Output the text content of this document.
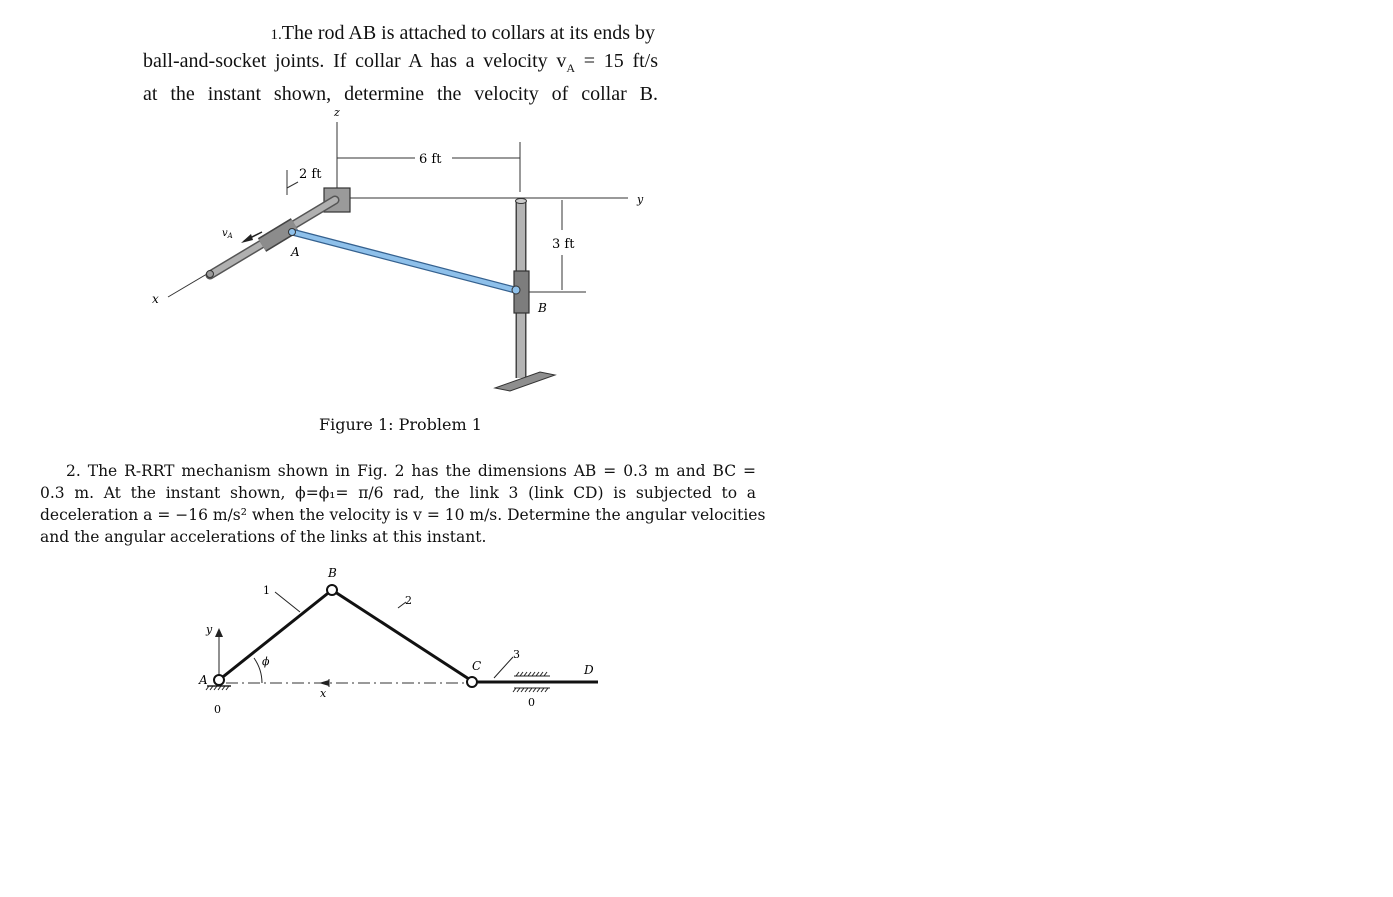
1.The rod AB is attached to collars at its ends by
ball-and-socket joints. If collar A has a velocity $v_A = 15$ ft/s
at the instant shown, determine the velocity of collar B.
z
y
x
6 ft
2 ft
3 ft
$v_A$
A
B
Figure 1: Problem 1
2. The R-RRT mechanism shown in Fig. 2 has the dimensions AB = 0.3 m and BC =
0.3 m. At the instant shown, ϕ=ϕ₁= π/6 rad, the link 3 (link CD) is subjected to a
deceleration a = −16 m/s² when the velocity is v = 10 m/s. Determine the angular velocities
and the angular accelerations of the links at this instant.
x
y
0
A
ϕ
0
B
1
2
3
C	D
